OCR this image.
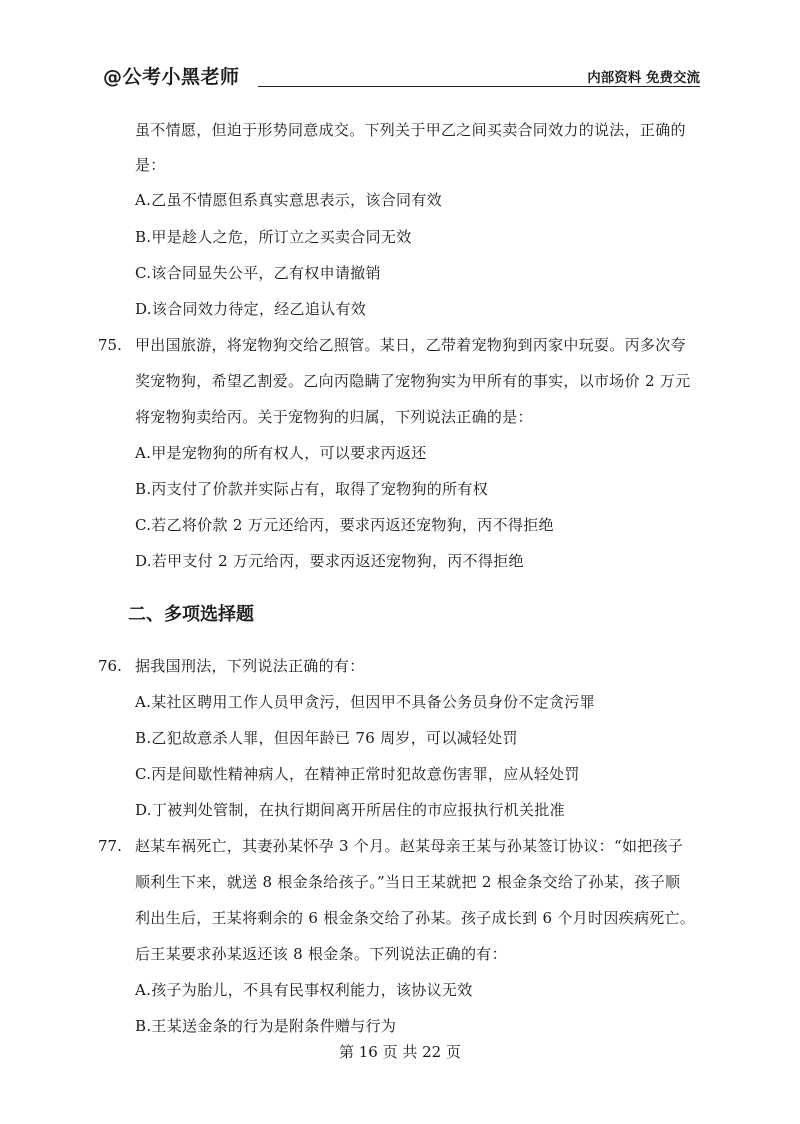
@公考小黑老师	内部资料 免费交流
虽不情愿，但迫于形势同意成交。下列关于甲乙之间买卖合同效力的说法，正确的
是：
A.乙虽不情愿但系真实意思表示，该合同有效
B.甲是趁人之危，所订立之买卖合同无效
C.该合同显失公平，乙有权申请撤销
D.该合同效力待定，经乙追认有效
75. 甲出国旅游，将宠物狗交给乙照管。某日，乙带着宠物狗到丙家中玩耍。丙多次夸
奖宠物狗，希望乙割爱。乙向丙隐瞒了宠物狗实为甲所有的事实，以市场价 2 万元
将宠物狗卖给丙。关于宠物狗的归属，下列说法正确的是：
A.甲是宠物狗的所有权人，可以要求丙返还
B.丙支付了价款并实际占有，取得了宠物狗的所有权
C.若乙将价款 2 万元还给丙，要求丙返还宠物狗，丙不得拒绝
D.若甲支付 2 万元给丙，要求丙返还宠物狗，丙不得拒绝
二、多项选择题
76. 据我国刑法，下列说法正确的有：
A.某社区聘用工作人员甲贪污，但因甲不具备公务员身份不定贪污罪
B.乙犯故意杀人罪，但因年龄已 76 周岁，可以减轻处罚
C.丙是间歇性精神病人，在精神正常时犯故意伤害罪，应从轻处罚
D.丁被判处管制，在执行期间离开所居住的市应报执行机关批准
77. 赵某车祸死亡，其妻孙某怀孕 3 个月。赵某母亲王某与孙某签订协议：“如把孩子
顺利生下来，就送 8 根金条给孩子。”当日王某就把 2 根金条交给了孙某，孩子顺
利出生后，王某将剩余的 6 根金条交给了孙某。孩子成长到 6 个月时因疾病死亡。
后王某要求孙某返还该 8 根金条。下列说法正确的有：
A.孩子为胎儿，不具有民事权利能力，该协议无效
B.王某送金条的行为是附条件赠与行为
第 16 页 共 22 页
